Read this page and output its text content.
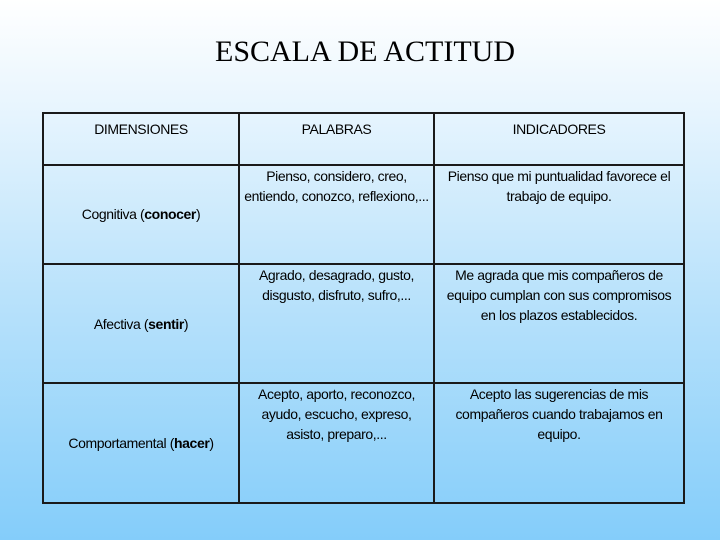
ESCALA DE ACTITUD
DIMENSIONES	PALABRAS	INDICADORES
Cognitiva (conocer)	Pienso, considero, creo, entiendo, conozco, reflexiono,...	Pienso que mi puntualidad favorece el trabajo de equipo.
Afectiva (sentir)	Agrado, desagrado, gusto, disgusto, disfruto, sufro,...	Me agrada que mis compañeros de equipo cumplan con sus compromisos en los plazos establecidos.
Comportamental (hacer)	Acepto, aporto, reconozco, ayudo, escucho, expreso, asisto, preparo,...	Acepto las sugerencias de mis compañeros cuando trabajamos en equipo.
